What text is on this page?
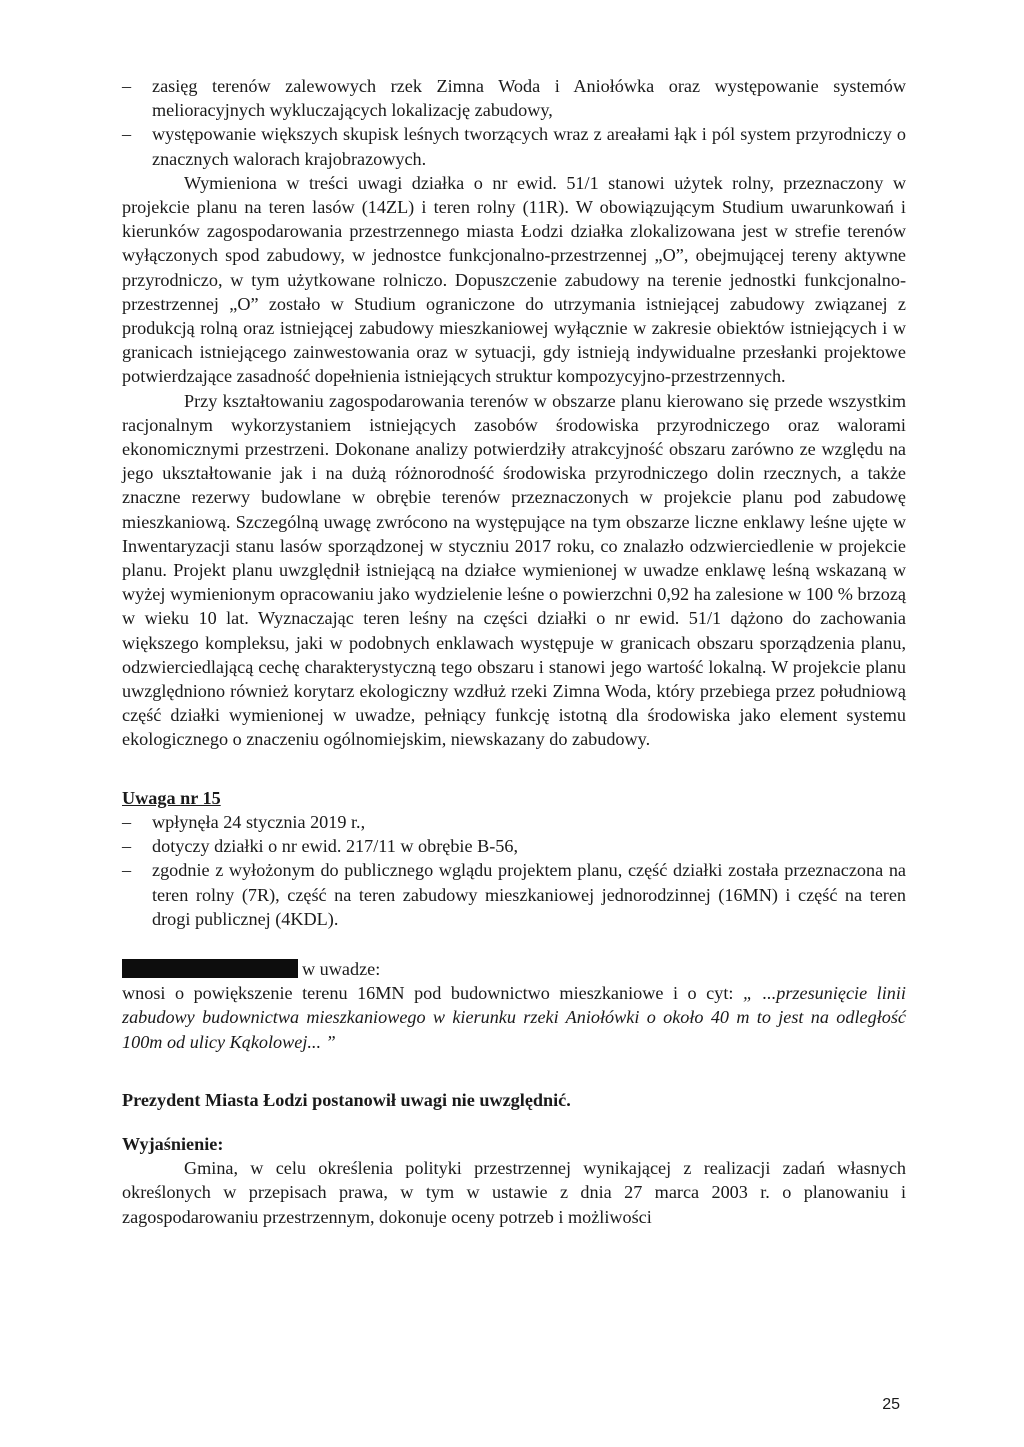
– zasięg terenów zalewowych rzek Zimna Woda i Aniołówka oraz występowanie systemów melioracyjnych wykluczających lokalizację zabudowy,
– występowanie większych skupisk leśnych tworzących wraz z areałami łąk i pól system przyrodniczy o znacznych walorach krajobrazowych.

Wymieniona w treści uwagi działka o nr ewid. 51/1 stanowi użytek rolny, przeznaczony w projekcie planu na teren lasów (14ZL) i teren rolny (11R). W obowiązującym Studium uwarunkowań i kierunków zagospodarowania przestrzennego miasta Łodzi działka zlokalizowana jest w strefie terenów wyłączonych spod zabudowy, w jednostce funkcjonalno-przestrzennej „O”, obejmującej tereny aktywne przyrodniczo, w tym użytkowane rolniczo. Dopuszczenie zabudowy na terenie jednostki funkcjonalno-przestrzennej „O” zostało w Studium ograniczone do utrzymania istniejącej zabudowy związanej z produkcją rolną oraz istniejącej zabudowy mieszkaniowej wyłącznie w zakresie obiektów istniejących i w granicach istniejącego zainwestowania oraz w sytuacji, gdy istnieją indywidualne przesłanki projektowe potwierdzające zasadność dopełnienia istniejących struktur kompozycyjno-przestrzennych.

Przy kształtowaniu zagospodarowania terenów w obszarze planu kierowano się przede wszystkim racjonalnym wykorzystaniem istniejących zasobów środowiska przyrodniczego oraz walorami ekonomicznymi przestrzeni. Dokonane analizy potwierdziły atrakcyjność obszaru zarówno ze względu na jego ukształtowanie jak i na dużą różnorodność środowiska przyrodniczego dolin rzecznych, a także znaczne rezerwy budowlane w obrębie terenów przeznaczonych w projekcie planu pod zabudowę mieszkaniową. Szczególną uwagę zwrócono na występujące na tym obszarze liczne enklawy leśne ujęte w Inwentaryzacji stanu lasów sporządzonej w styczniu 2017 roku, co znalazło odzwierciedlenie w projekcie planu. Projekt planu uwzględnił istniejącą na działce wymienionej w uwadze enklawę leśną wskazaną w wyżej wymienionym opracowaniu jako wydzielenie leśne o powierzchni 0,92 ha zalesione w 100 % brzozą w wieku 10 lat. Wyznaczając teren leśny na części działki o nr ewid. 51/1 dążono do zachowania większego kompleksu, jaki w podobnych enklawach występuje w granicach obszaru sporządzenia planu, odzwierciedlającą cechę charakterystyczną tego obszaru i stanowi jego wartość lokalną. W projekcie planu uwzględniono również korytarz ekologiczny wzdłuż rzeki Zimna Woda, który przebiega przez południową część działki wymienionej w uwadze, pełniący funkcję istotną dla środowiska jako element systemu ekologicznego o znaczeniu ogólnomiejskim, niewskazany do zabudowy.

Uwaga nr 15
– wpłynęła 24 stycznia 2019 r.,
– dotyczy działki o nr ewid. 217/11 w obrębie B-56,
– zgodnie z wyłożonym do publicznego wglądu projektem planu, część działki została przeznaczona na teren rolny (7R), część na teren zabudowy mieszkaniowej jednorodzinnej (16MN) i część na teren drogi publicznej (4KDL).
w uwadze:

wnosi o powiększenie terenu 16MN pod budownictwo mieszkaniowe i o cyt: „ ...przesunięcie linii zabudowy budownictwa mieszkaniowego w kierunku rzeki Aniołówki o około 40 m to jest na odległość 100m od ulicy Kąkolowej... ”

Prezydent Miasta Łodzi postanowił uwagi nie uwzględnić.
Wyjaśnienie:

Gmina, w celu określenia polityki przestrzennej wynikającej z realizacji zadań własnych określonych w przepisach prawa, w tym w ustawie z dnia 27 marca 2003 r. o planowaniu i zagospodarowaniu przestrzennym, dokonuje oceny potrzeb i możliwości

25
